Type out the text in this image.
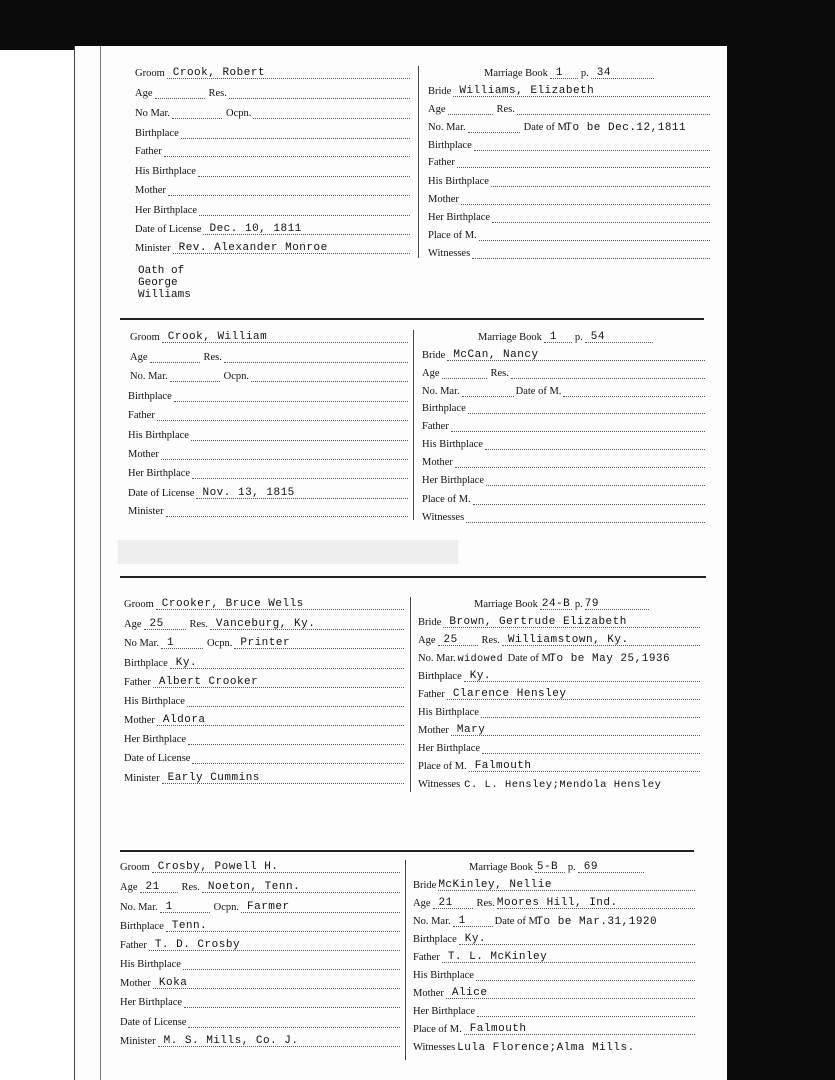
Groom Crook, Robert
Age	Res.
No Mar.	Ocpn.
Birthplace
Father
His Birthplace
Mother
Her Birthplace
Date of License Dec. 10, 1811
Minister Rev. Alexander Monroe
Marriage Book 1 p. 34
Bride Williams, Elizabeth
Age	Res.
No. Mar.	Date of M.
To be Dec.12,1811
Birthplace
Father
His Birthplace
Mother
Her Birthplace
Place of M.
Witnesses
Oath of George Williams
Groom Crook, William
Age	Res.
No. Mar.	Ocpn.
Birthplace
Father
His Birthplace
Mother
Her Birthplace
Date of License Nov. 13, 1815
Minister
Marriage Book 1 p. 54
Bride McCan, Nancy
Age	Res.
No. Mar.	Date of M.
Birthplace
Father
His Birthplace
Mother
Her Birthplace
Place of M.
Witnesses
Groom Crooker, Bruce Wells
Age 25 Res. Vanceburg, Ky.
No Mar. 1	Ocpn. Printer
Birthplace Ky.
Father Albert Crooker
His Birthplace
Mother Aldora
Her Birthplace
Date of License
Minister Early Cummins
Marriage Book 24-B p. 79
Bride Brown, Gertrude Elizabeth
Age 25 Res. Williamstown, Ky.
No. Mar. widowed Date of M.
To be May 25,1936
Birthplace Ky.
Father Clarence Hensley
His Birthplace
Mother Mary
Her Birthplace
Place of M. Falmouth
Witnesses C. L. Hensley;Mendola Hensley
Groom Crosby, Powell H.
Age 21 Res. Noeton, Tenn.
No. Mar. 1	Ocpn. Farmer
Birthplace Tenn.
Father T. D. Crosby
His Birthplace
Mother Koka
Her Birthplace
Date of License
Minister M. S. Mills, Co. J.
Marriage Book 5-B p. 69
Bride McKinley, Nellie
Age 21 Res. Moores Hill, Ind.
No. Mar. 1	Date of M.
To be Mar.31,1920
Birthplace Ky.
Father T. L. McKinley
His Birthplace
Mother Alice
Her Birthplace
Place of M. Falmouth
Witnesses Lula Florence;Alma Mills.
